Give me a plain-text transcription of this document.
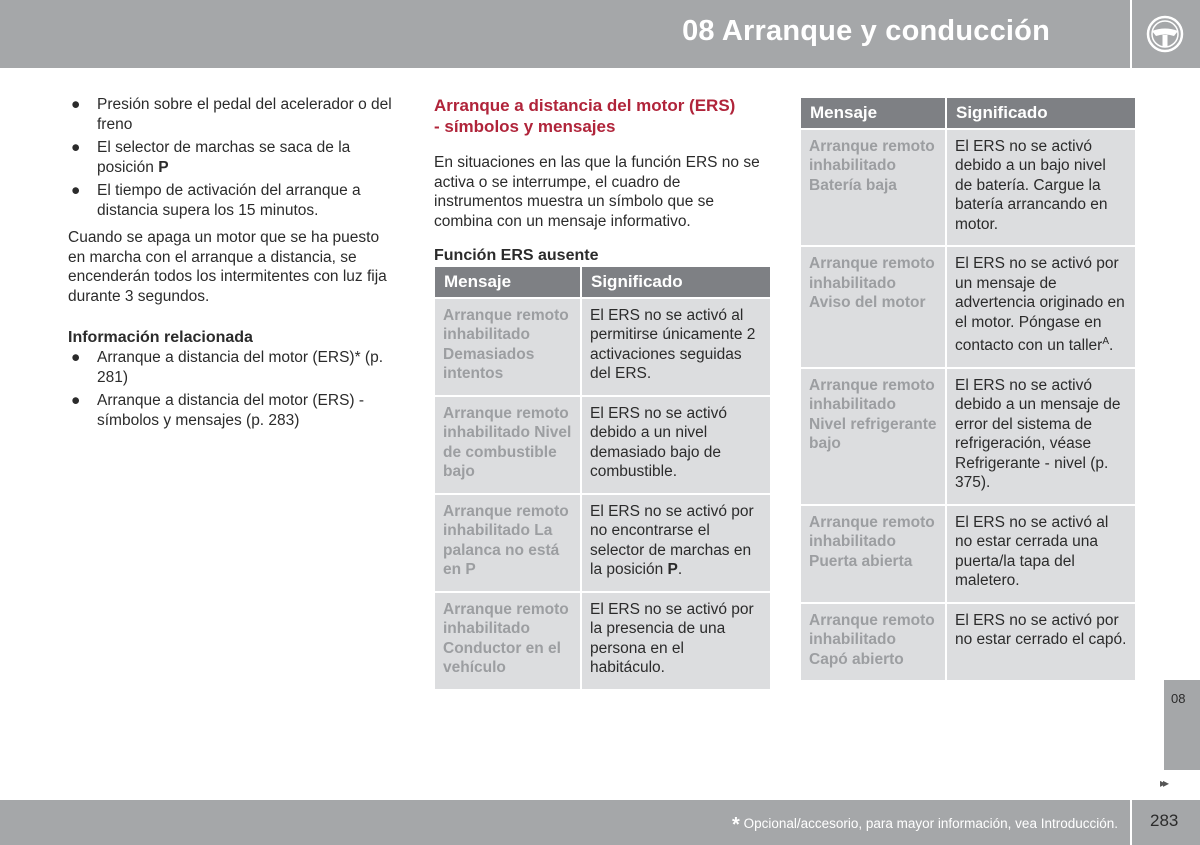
08 Arranque y conducción
● Presión sobre el pedal del acelerador o del freno
● El selector de marchas se saca de la posición P
● El tiempo de activación del arranque a distancia supera los 15 minutos.

Cuando se apaga un motor que se ha puesto en marcha con el arranque a distancia, se encenderán todos los intermitentes con luz fija durante 3 segundos.

Información relacionada
● Arranque a distancia del motor (ERS)* (p. 281)
● Arranque a distancia del motor (ERS) - símbolos y mensajes (p. 283)
Arranque a distancia del motor (ERS)
- símbolos y mensajes
En situaciones en las que la función ERS no se activa o se interrumpe, el cuadro de instrumentos muestra un símbolo que se combina con un mensaje informativo.
Función ERS ausente
Mensaje	Significado
Arranque remoto inhabilitado Demasiados intentos	El ERS no se activó al permitirse únicamente 2 activaciones seguidas del ERS.
Arranque remoto inhabilitado Nivel de combustible bajo	El ERS no se activó debido a un nivel demasiado bajo de combustible.
Arranque remoto inhabilitado La palanca no está en P	El ERS no se activó por no encontrarse el selector de marchas en la posición P.
Arranque remoto inhabilitado Conductor en el vehículo	El ERS no se activó por la presencia de una persona en el habitáculo.
Mensaje	Significado
Arranque remoto inhabilitado Batería baja	El ERS no se activó debido a un bajo nivel de batería. Cargue la batería arrancando en motor.
Arranque remoto inhabilitado Aviso del motor	El ERS no se activó por un mensaje de advertencia originado en el motor. Póngase en contacto con un taller$^A$.
Arranque remoto inhabilitado Nivel refrigerante bajo	El ERS no se activó debido a un mensaje de error del sistema de refrigeración, véase Refrigerante - nivel (p. 375).
Arranque remoto inhabilitado Puerta abierta	El ERS no se activó al no estar cerrada una puerta/la tapa del maletero.
Arranque remoto inhabilitado Capó abierto	El ERS no se activó por no estar cerrado el capó.
08
▸▸
* Opcional/accesorio, para mayor información, vea Introducción. 283
